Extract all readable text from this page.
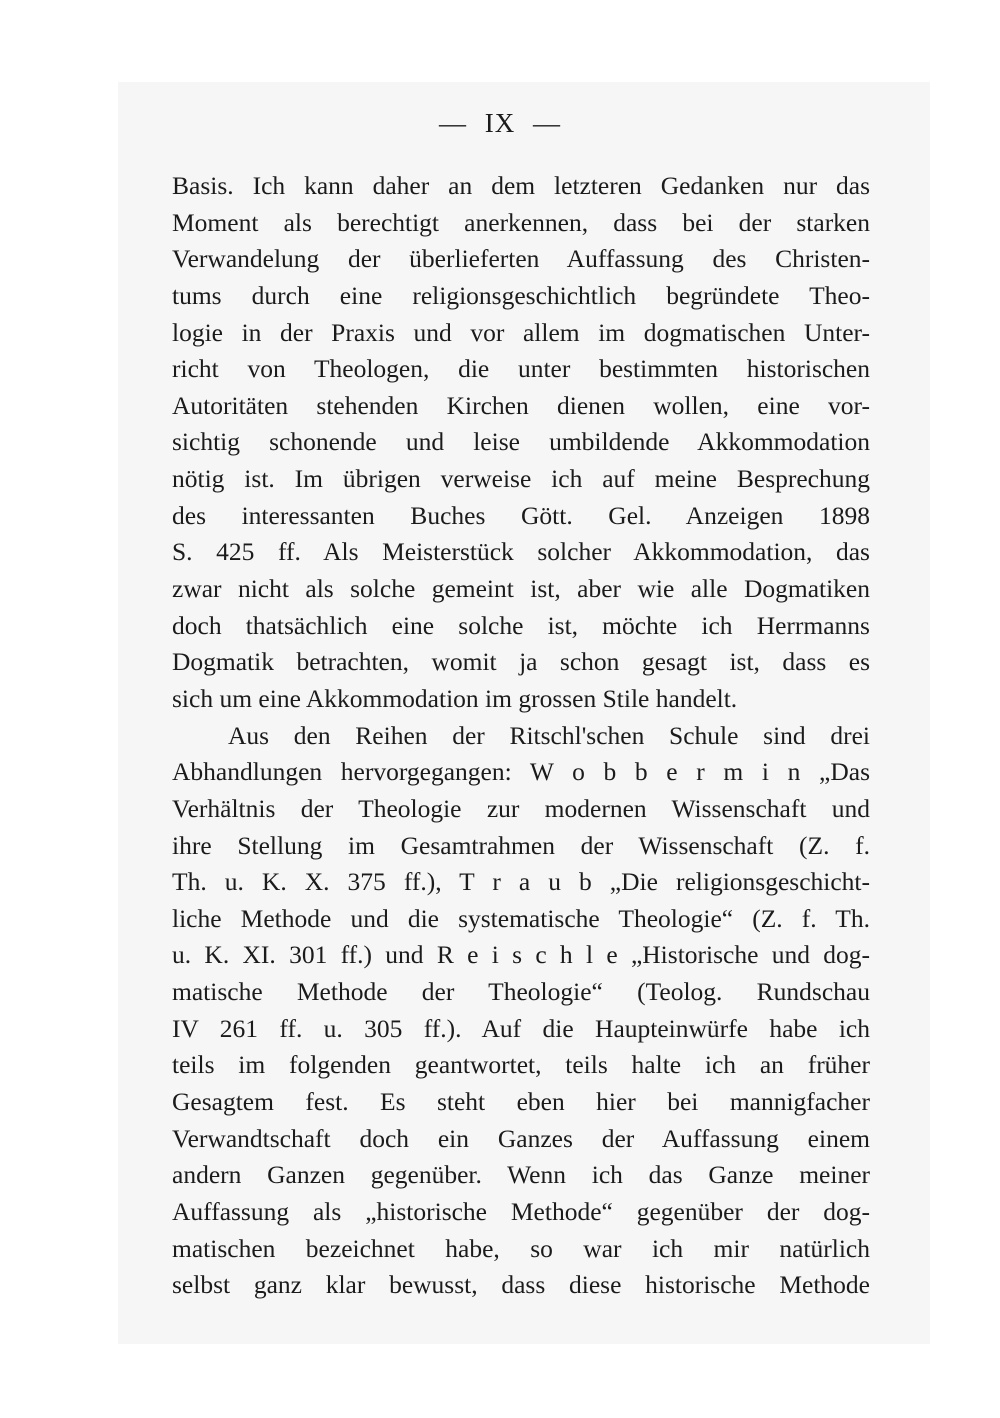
— IX —
Basis. Ich kann daher an dem letzteren Gedanken nur das
Moment als berechtigt anerkennen, dass bei der starken
Verwandelung der überlieferten Auffassung des Christen-
tums durch eine religionsgeschichtlich begründete Theo-
logie in der Praxis und vor allem im dogmatischen Unter-
richt von Theologen, die unter bestimmten historischen
Autoritäten stehenden Kirchen dienen wollen, eine vor-
sichtig schonende und leise umbildende Akkommodation
nötig ist. Im übrigen verweise ich auf meine Besprechung
des interessanten Buches Gött. Gel. Anzeigen 1898
S. 425 ff. Als Meisterstück solcher Akkommodation, das
zwar nicht als solche gemeint ist, aber wie alle Dogmatiken
doch thatsächlich eine solche ist, möchte ich Herrmanns
Dogmatik betrachten, womit ja schon gesagt ist, dass es
sich um eine Akkommodation im grossen Stile handelt.
Aus den Reihen der Ritschl'schen Schule sind drei
Abhandlungen hervorgegangen: W o b b e r m i n „Das
Verhältnis der Theologie zur modernen Wissenschaft und
ihre Stellung im Gesamtrahmen der Wissenschaft (Z. f.
Th. u. K. X. 375 ff.), T r a u b „Die religionsgeschicht-
liche Methode und die systematische Theologie“ (Z. f. Th.
u. K. XI. 301 ff.) und R e i s c h l e „Historische und dog-
matische Methode der Theologie“ (Teolog. Rundschau
IV 261 ff. u. 305 ff.). Auf die Haupteinwürfe habe ich
teils im folgenden geantwortet, teils halte ich an früher
Gesagtem fest. Es steht eben hier bei mannigfacher
Verwandtschaft doch ein Ganzes der Auffassung einem
andern Ganzen gegenüber. Wenn ich das Ganze meiner
Auffassung als „historische Methode“ gegenüber der dog-
matischen bezeichnet habe, so war ich mir natürlich
selbst ganz klar bewusst, dass diese historische Methode
